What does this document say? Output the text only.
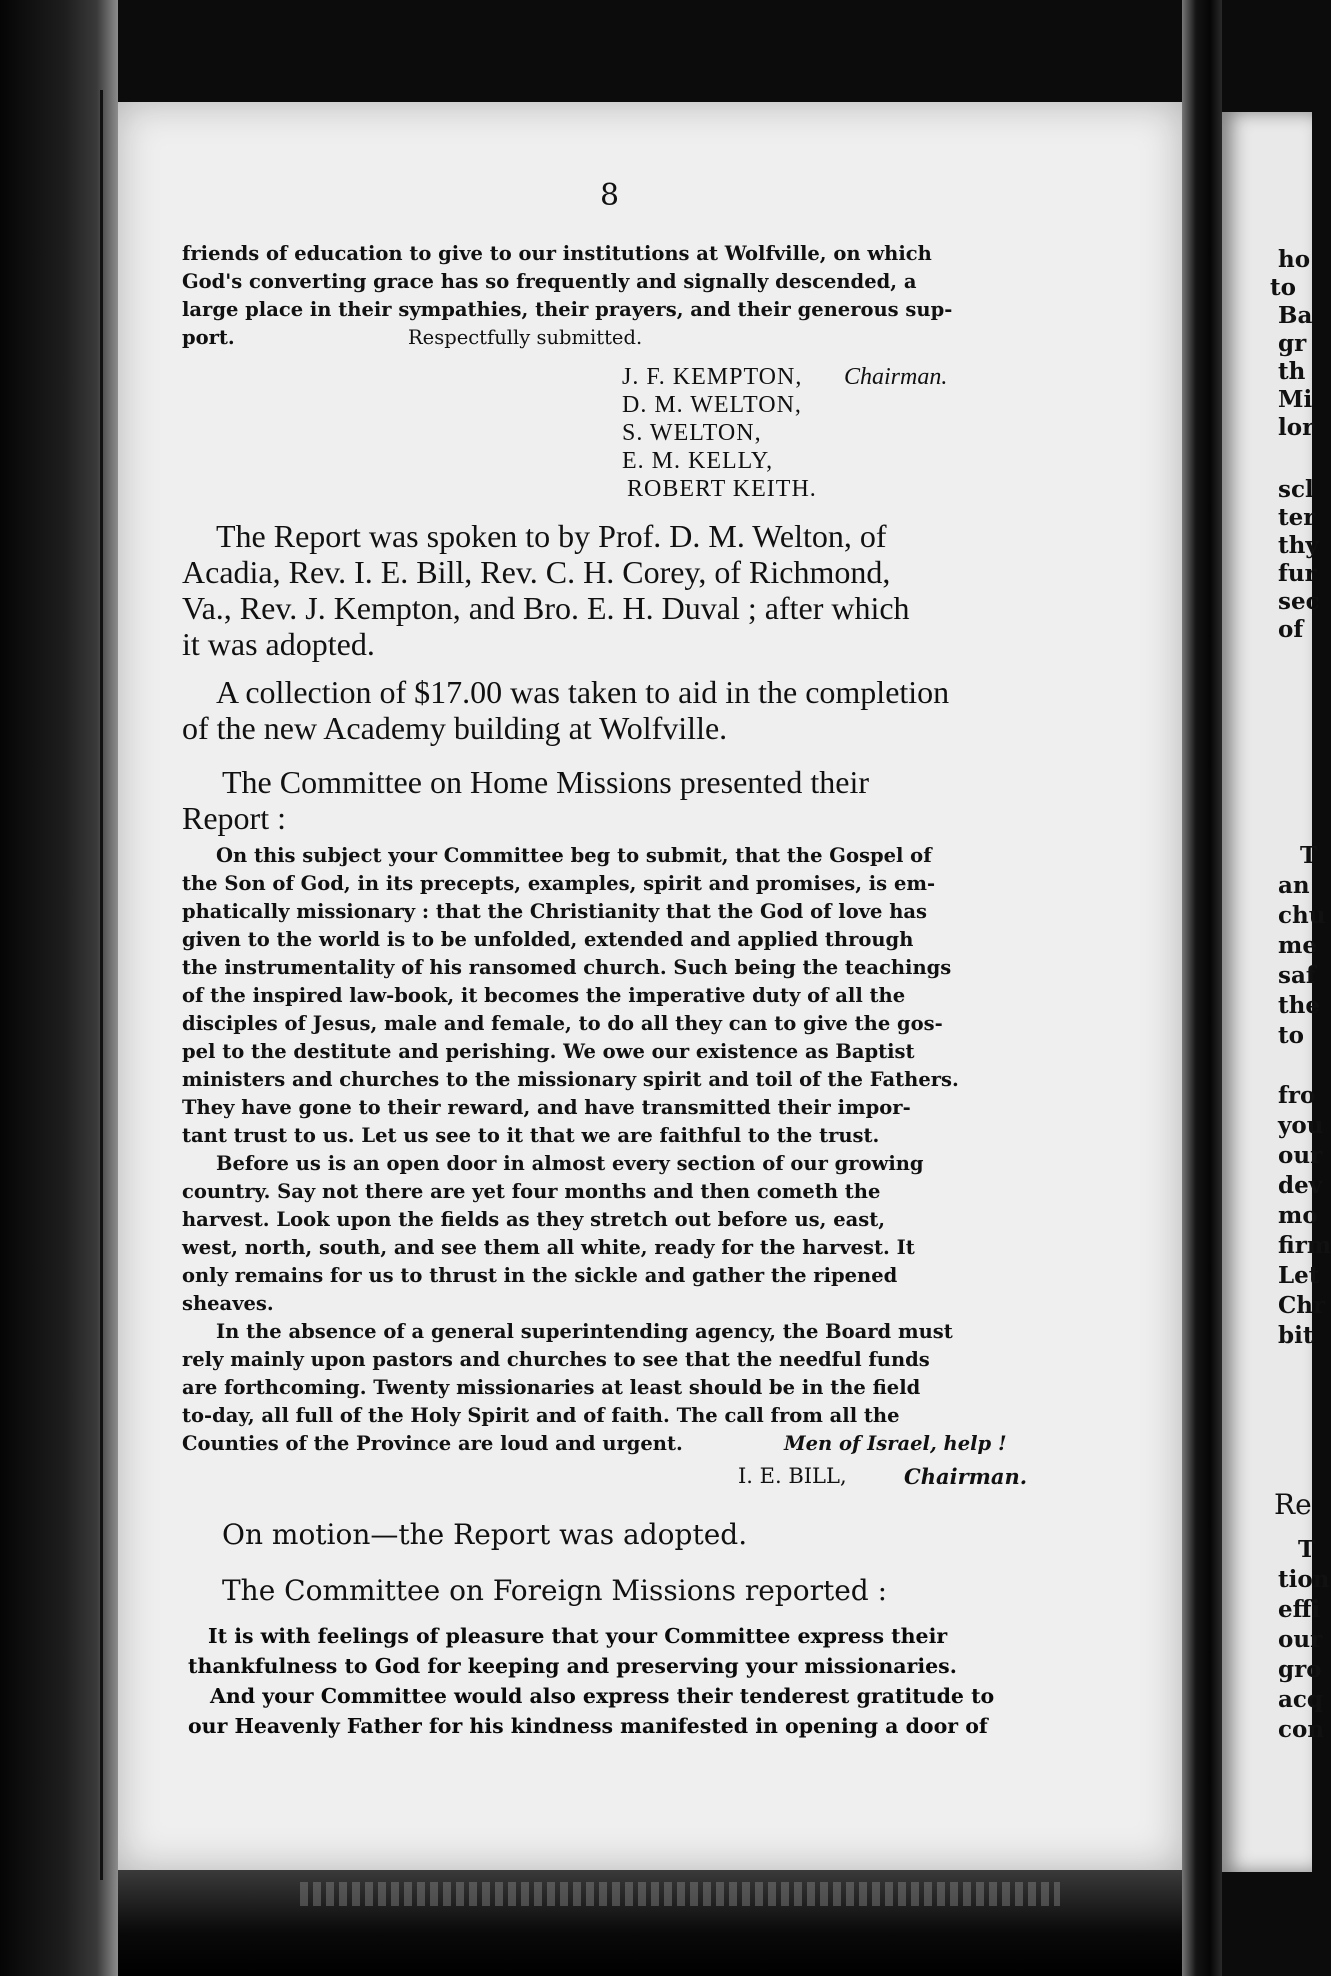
8
friends of education to give to our institutions at Wolfville, on which
God's converting grace has so frequently and signally descended, a
large place in their sympathies, their prayers, and their generous sup-
port.	Respectfully submitted.
J. F. KEMPTON, Chairman.
D. M. WELTON,
S. WELTON,
E. M. KELLY,
ROBERT KEITH.
The Report was spoken to by Prof. D. M. Welton, of
Acadia, Rev. I. E. Bill, Rev. C. H. Corey, of Richmond,
Va., Rev. J. Kempton, and Bro. E. H. Duval ; after which
it was adopted.
A collection of $17.00 was taken to aid in the completion
of the new Academy building at Wolfville.
The Committee on Home Missions presented their
Report :
On this subject your Committee beg to submit, that the Gospel of
the Son of God, in its precepts, examples, spirit and promises, is em-
phatically missionary : that the Christianity that the God of love has
given to the world is to be unfolded, extended and applied through
the instrumentality of his ransomed church. Such being the teachings
of the inspired law-book, it becomes the imperative duty of all the
disciples of Jesus, male and female, to do all they can to give the gos-
pel to the destitute and perishing. We owe our existence as Baptist
ministers and churches to the missionary spirit and toil of the Fathers.
They have gone to their reward, and have transmitted their impor-
tant trust to us. Let us see to it that we are faithful to the trust.
Before us is an open door in almost every section of our growing
country. Say not there are yet four months and then cometh the
harvest. Look upon the fields as they stretch out before us, east,
west, north, south, and see them all white, ready for the harvest. It
only remains for us to thrust in the sickle and gather the ripened
sheaves.
In the absence of a general superintending agency, the Board must
rely mainly upon pastors and churches to see that the needful funds
are forthcoming. Twenty missionaries at least should be in the field
to-day, all full of the Holy Spirit and of faith. The call from all the
Counties of the Province are loud and urgent.	Men of Israel, help !
I. E. BILL,	Chairman.
On motion—the Report was adopted.
The Committee on Foreign Missions reported :
It is with feelings of pleasure that your Committee express their
thankfulness to God for keeping and preserving your missionaries.
And your Committee would also express their tenderest gratitude to
our Heavenly Father for his kindness manifested in opening a door of
ho
to
Ba
gr
th
Mi
lor
scl
ter
thy
fur
sec
of
T
an
chu
me
saf
the
to
fro
you
our
dev
mo
firm
Let
Chr
bit
Re
T
tion
effi
our
gro
acq
con
